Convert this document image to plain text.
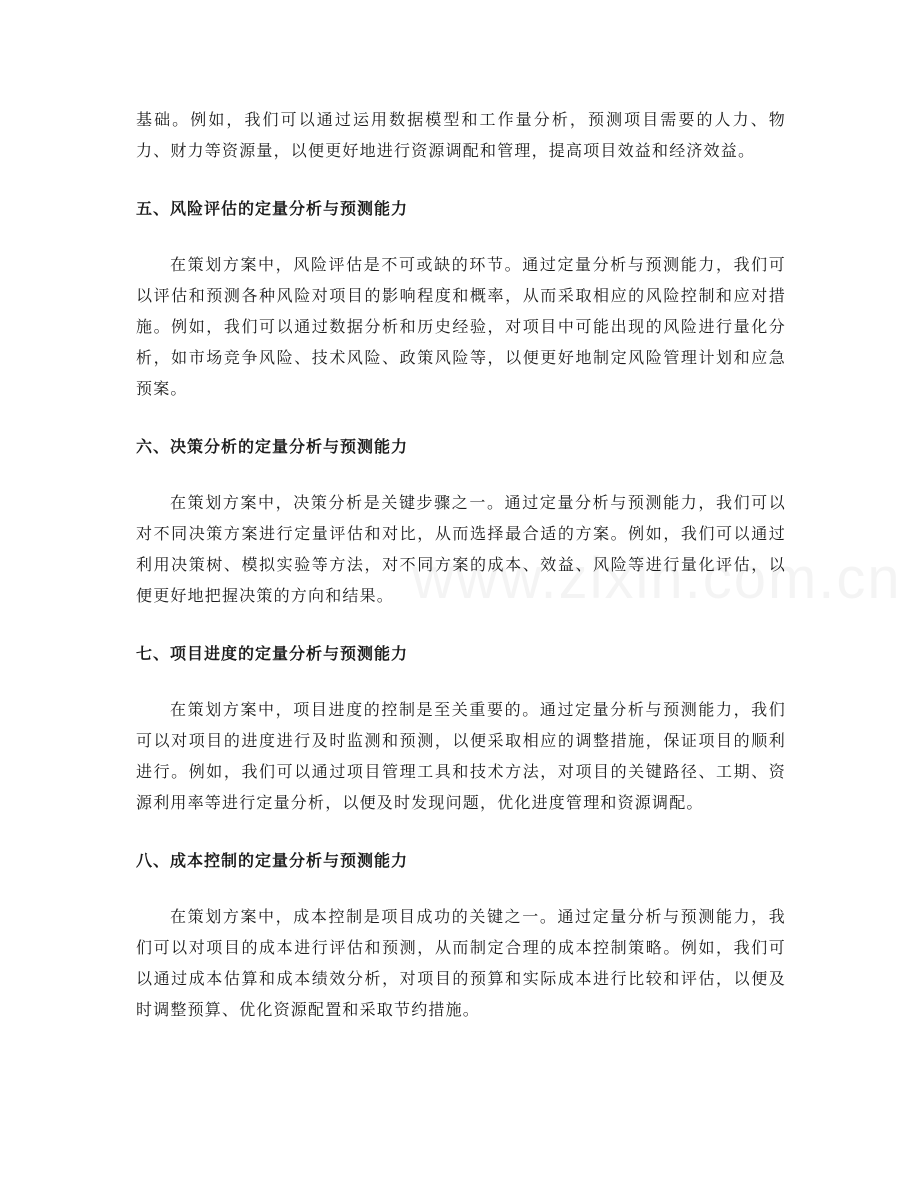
基础。例如，我们可以通过运用数据模型和工作量分析，预测项目需要的人力、物力、财力等资源量，以便更好地进行资源调配和管理，提高项目效益和经济效益。

五、风险评估的定量分析与预测能力

在策划方案中，风险评估是不可或缺的环节。通过定量分析与预测能力，我们可以评估和预测各种风险对项目的影响程度和概率，从而采取相应的风险控制和应对措施。例如，我们可以通过数据分析和历史经验，对项目中可能出现的风险进行量化分析，如市场竞争风险、技术风险、政策风险等，以便更好地制定风险管理计划和应急预案。

六、决策分析的定量分析与预测能力

在策划方案中，决策分析是关键步骤之一。通过定量分析与预测能力，我们可以对不同决策方案进行定量评估和对比，从而选择最合适的方案。例如，我们可以通过利用决策树、模拟实验等方法，对不同方案的成本、效益、风险等进行量化评估，以便更好地把握决策的方向和结果。

七、项目进度的定量分析与预测能力

在策划方案中，项目进度的控制是至关重要的。通过定量分析与预测能力，我们可以对项目的进度进行及时监测和预测，以便采取相应的调整措施，保证项目的顺利进行。例如，我们可以通过项目管理工具和技术方法，对项目的关键路径、工期、资源利用率等进行定量分析，以便及时发现问题，优化进度管理和资源调配。

八、成本控制的定量分析与预测能力

在策划方案中，成本控制是项目成功的关键之一。通过定量分析与预测能力，我们可以对项目的成本进行评估和预测，从而制定合理的成本控制策略。例如，我们可以通过成本估算和成本绩效分析，对项目的预算和实际成本进行比较和评估，以便及时调整预算、优化资源配置和采取节约措施。
